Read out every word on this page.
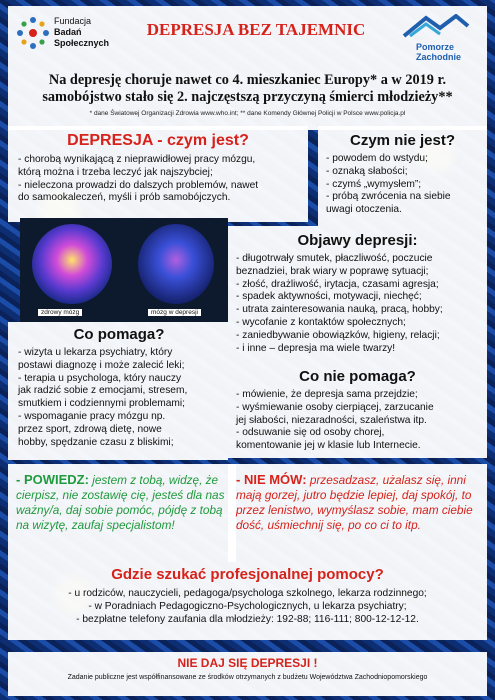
Fundacja
Badań
Społecznych
DEPRESJA BEZ TAJEMNIC
Pomorze
Zachodnie
Na depresję choruje nawet co 4. mieszkaniec Europy* a w 2019 r.
samobójstwo stało się 2. najczęstszą przyczyną śmierci młodzieży**
* dane Światowej Organizacji Zdrowia www.who.int; ** dane Komendy Głównej Policji w Polsce www.policja.pl
DEPRESJA - czym jest?
- chorobą wynikającą z nieprawidłowej pracy mózgu,
którą można i trzeba leczyć jak najszybciej;
- nieleczona prowadzi do dalszych problemów, nawet
do samookaleczeń, myśli i prób samobójczych.
Czym nie jest?
- powodem do wstydu;
- oznaką słabości;
- czymś „wymysłem”;
- próbą zwrócenia na siebie
uwagi otoczenia.
zdrowy mózg	mózg w depresji
Objawy depresji:
- długotrwały smutek, płaczliwość, poczucie
beznadziei, brak wiary w poprawę sytuacji;
- złość, drażliwość, irytacja, czasami agresja;
- spadek aktywności, motywacji, niechęć;
- utrata zainteresowania nauką, pracą, hobby;
- wycofanie z kontaktów społecznych;
- zaniedbywanie obowiązków, higieny, relacji;
- i inne – depresja ma wiele twarzy!
Co pomaga?
- wizyta u lekarza psychiatry, który
postawi diagnozę i może zalecić leki;
- terapia u psychologa, który nauczy
jak radzić sobie z emocjami, stresem,
smutkiem i codziennymi problemami;
- wspomaganie pracy mózgu np.
przez sport, zdrową dietę, nowe
hobby, spędzanie czasu z bliskimi;
Co nie pomaga?
- mówienie, że depresja sama przejdzie;
- wyśmiewanie osoby cierpiącej, zarzucanie
jej słabości, niezaradności, szaleństwa itp.
- odsuwanie się od osoby chorej,
komentowanie jej w klasie lub Internecie.

- POWIEDZ: jestem z tobą, widzę, że cierpisz, nie zostawię cię, jesteś dla nas ważny/a, daj sobie pomóc, pójdę z tobą na wizytę, zaufaj specjalistom!

- NIE MÓW: przesadzasz, użalasz się, inni mają gorzej, jutro będzie lepiej, daj spokój, to przez lenistwo, wymyślasz sobie, mam ciebie dość, uśmiechnij się, po co ci to itp.

Gdzie szukać profesjonalnej pomocy?
- u rodziców, nauczycieli, pedagoga/psychologa szkolnego, lekarza rodzinnego;
- w Poradniach Pedagogiczno-Psychologicznych, u lekarza psychiatry;
- bezpłatne telefony zaufania dla młodzieży: 192-88; 116-111; 800-12-12-12.
NIE DAJ SIĘ DEPRESJI !
Zadanie publiczne jest współfinansowane ze środków otrzymanych z budżetu Województwa Zachodniopomorskiego
